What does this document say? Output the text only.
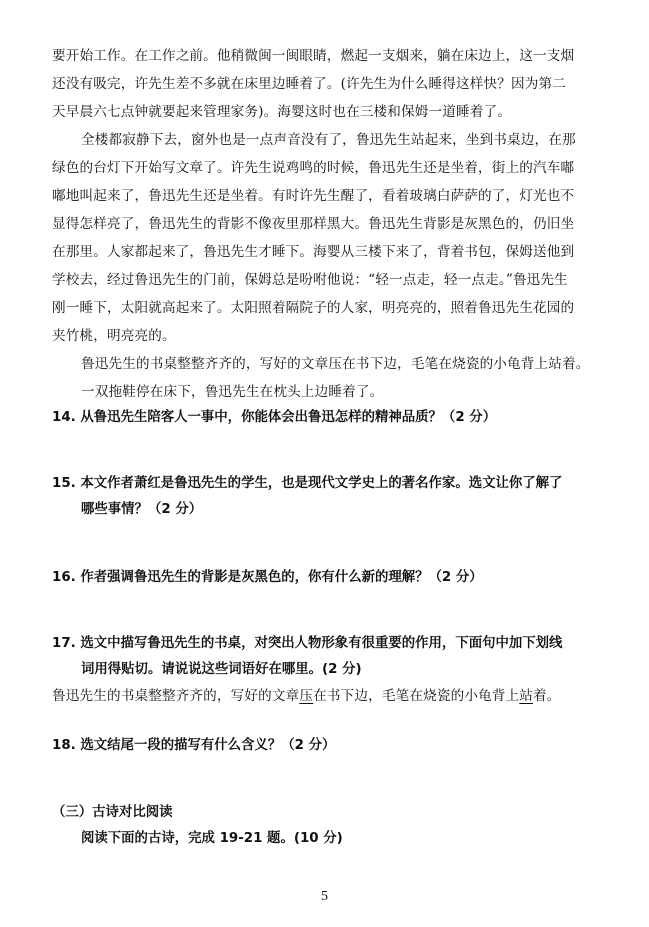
要开始工作。在工作之前。他稍微闽一闽眼睛，燃起一支烟来，躺在床边上，这一支烟
还没有吸完，许先生差不多就在床里边睡着了。(许先生为什么睡得这样快？因为第二
天早晨六七点钟就要起来管理家务)。海婴这时也在三楼和保姆一道睡着了。
全楼都寂静下去，窗外也是一点声音没有了，鲁迅先生站起来，坐到书桌边，在那
绿色的台灯下开始写文章了。许先生说鸡鸣的时候，鲁迅先生还是坐着，街上的汽车嘟
嘟地叫起来了，鲁迅先生还是坐着。有时许先生醒了，看着玻璃白萨萨的了，灯光也不
显得怎样亮了，鲁迅先生的背影不像夜里那样黑大。鲁迅先生背影是灰黑色的，仍旧坐
在那里。人家都起来了，鲁迅先生才睡下。海婴从三楼下来了，背着书包，保姆送他到
学校去，经过鲁迅先生的门前，保姆总是吩咐他说：“轻一点走，轻一点走。”鲁迅先生
刚一睡下，太阳就高起来了。太阳照着隔院子的人家，明亮亮的，照着鲁迅先生花园的
夹竹桃，明亮亮的。
鲁迅先生的书桌整整齐齐的，写好的文章压在书下边，毛笔在烧瓷的小龟背上站着。
一双拖鞋停在床下，鲁迅先生在枕头上边睡着了。
14. 从鲁迅先生陪客人一事中，你能体会出鲁迅怎样的精神品质？（2 分）
15. 本文作者萧红是鲁迅先生的学生，也是现代文学史上的著名作家。选文让你了解了
哪些事情？（2 分）
16. 作者强调鲁迅先生的背影是灰黑色的，你有什么新的理解？（2 分）
17. 选文中描写鲁迅先生的书桌，对突出人物形象有很重要的作用，下面句中加下划线
词用得贴切。请说说这些词语好在哪里。(2 分)
鲁迅先生的书桌整整齐齐的，写好的文章压在书下边，毛笔在烧瓷的小龟背上站着。
18. 选文结尾一段的描写有什么含义？（2 分）
（三）古诗对比阅读
阅读下面的古诗，完成 19-21 题。(10 分)
5
